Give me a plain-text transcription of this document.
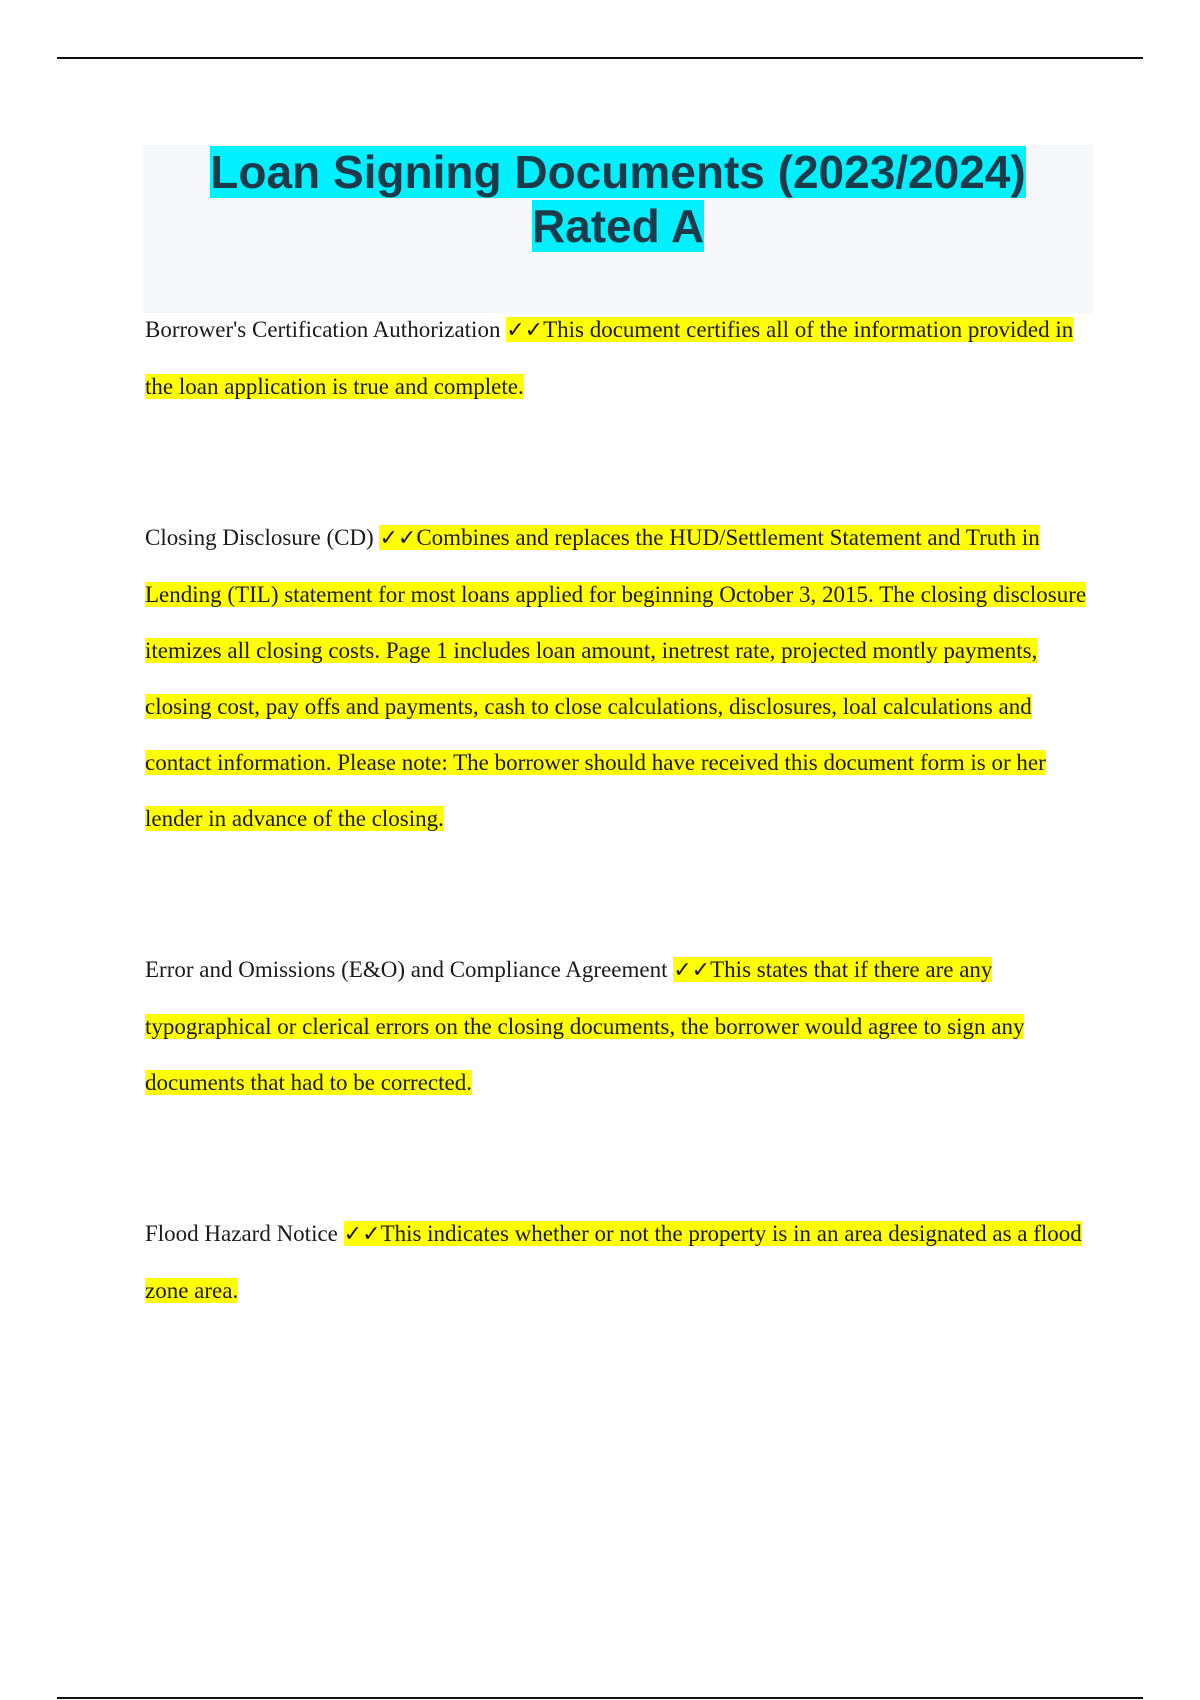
Loan Signing Documents (2023/2024)

Rated A

Borrower's Certification Authorization ✓✓This document certifies all of the information provided in the loan application is true and complete.

Closing Disclosure (CD) ✓✓Combines and replaces the HUD/Settlement Statement and Truth in Lending (TIL) statement for most loans applied for beginning October 3, 2015. The closing disclosure itemizes all closing costs. Page 1 includes loan amount, inetrest rate, projected montly payments, closing cost, pay offs and payments, cash to close calculations, disclosures, loal calculations and contact information. Please note: The borrower should have received this document form is or her lender in advance of the closing.

Error and Omissions (E&O) and Compliance Agreement ✓✓This states that if there are any typographical or clerical errors on the closing documents, the borrower would agree to sign any documents that had to be corrected.

Flood Hazard Notice ✓✓This indicates whether or not the property is in an area designated as a flood zone area.
